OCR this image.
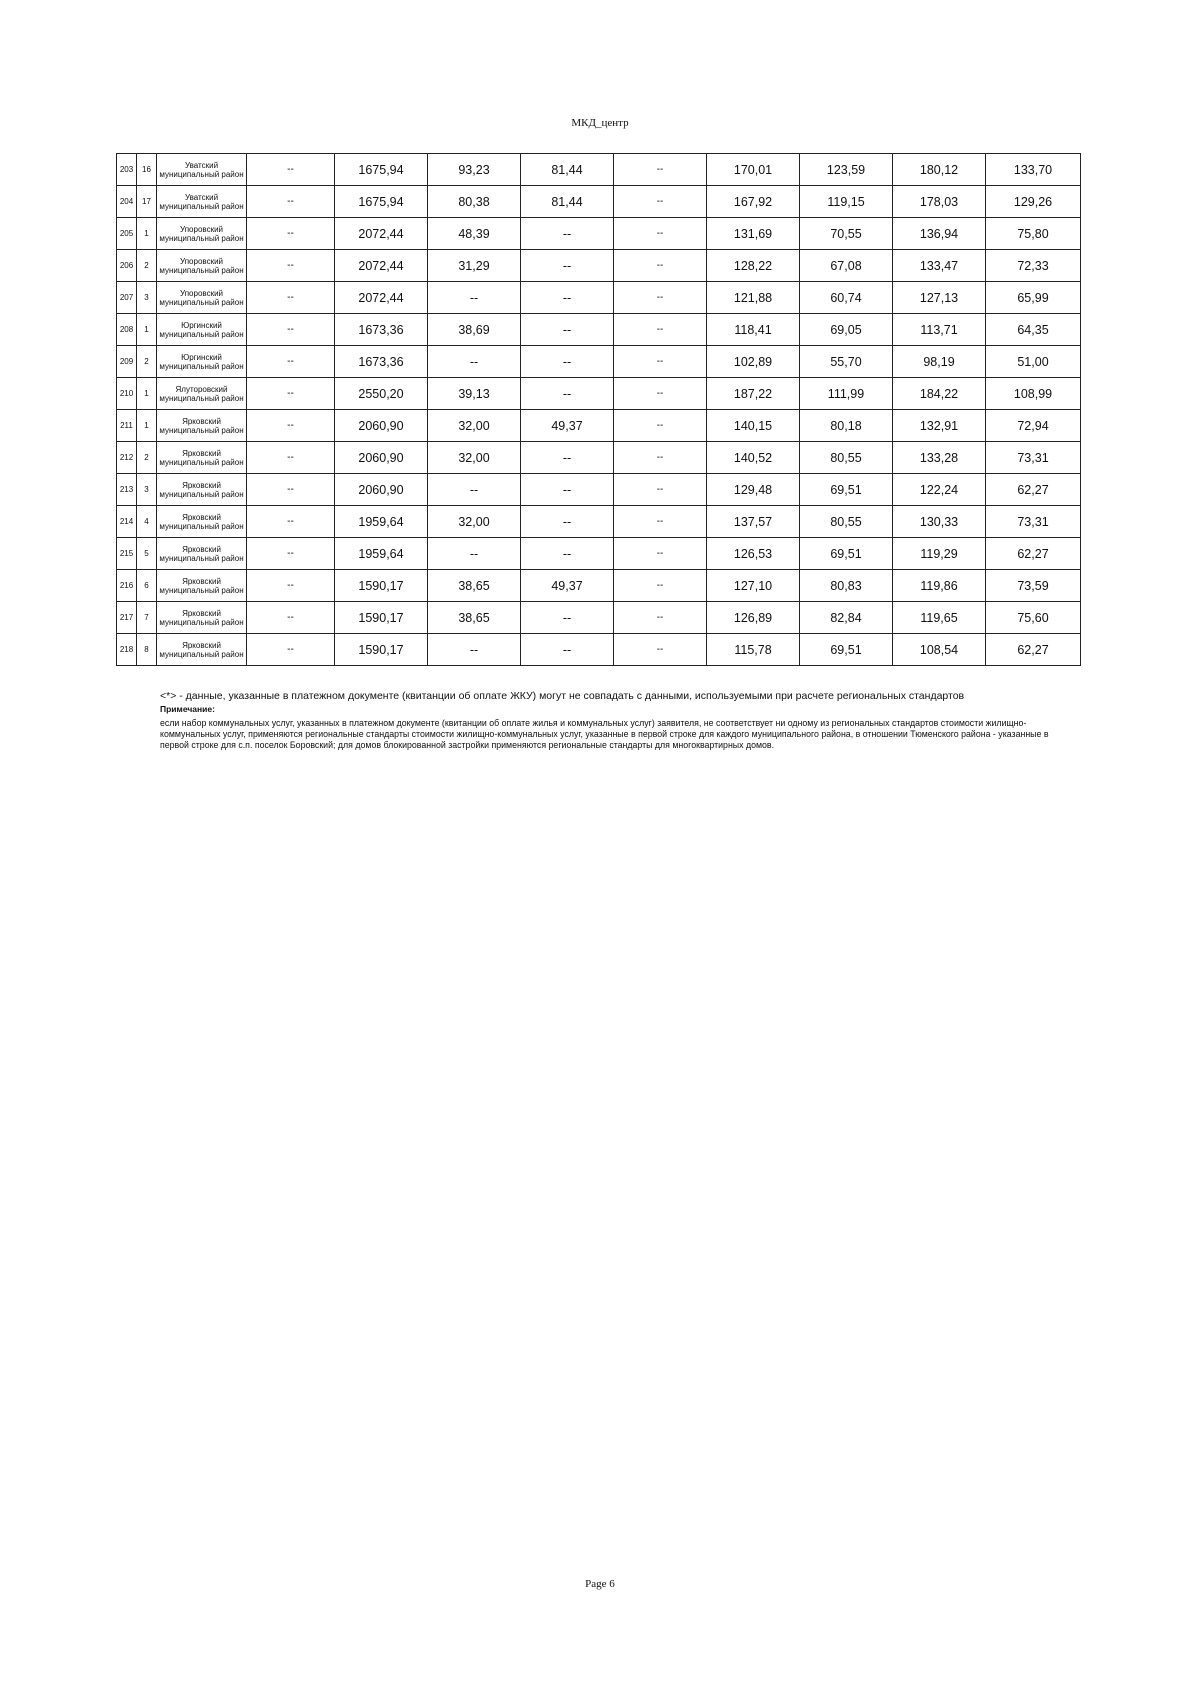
МКД_центр
203	16	Уватский муниципальный район	--	1675,94	93,23	81,44	--	170,01	123,59	180,12	133,70
204	17	Уватский муниципальный район	--	1675,94	80,38	81,44	--	167,92	119,15	178,03	129,26
205	1	Упоровский муниципальный район	--	2072,44	48,39	--	--	131,69	70,55	136,94	75,80
206	2	Упоровский муниципальный район	--	2072,44	31,29	--	--	128,22	67,08	133,47	72,33
207	3	Упоровский муниципальный район	--	2072,44	--	--	--	121,88	60,74	127,13	65,99
208	1	Юргинский муниципальный район	--	1673,36	38,69	--	--	118,41	69,05	113,71	64,35
209	2	Юргинский муниципальный район	--	1673,36	--	--	--	102,89	55,70	98,19	51,00
210	1	Ялуторовский муниципальный район	--	2550,20	39,13	--	--	187,22	111,99	184,22	108,99
211	1	Ярковский муниципальный район	--	2060,90	32,00	49,37	--	140,15	80,18	132,91	72,94
212	2	Ярковский муниципальный район	--	2060,90	32,00	--	--	140,52	80,55	133,28	73,31
213	3	Ярковский муниципальный район	--	2060,90	--	--	--	129,48	69,51	122,24	62,27
214	4	Ярковский муниципальный район	--	1959,64	32,00	--	--	137,57	80,55	130,33	73,31
215	5	Ярковский муниципальный район	--	1959,64	--	--	--	126,53	69,51	119,29	62,27
216	6	Ярковский муниципальный район	--	1590,17	38,65	49,37	--	127,10	80,83	119,86	73,59
217	7	Ярковский муниципальный район	--	1590,17	38,65	--	--	126,89	82,84	119,65	75,60
218	8	Ярковский муниципальный район	--	1590,17	--	--	--	115,78	69,51	108,54	62,27
<*> - данные, указанные в платежном документе (квитанции об оплате ЖКУ) могут не совпадать с данными, используемыми при расчете региональных стандартов
Примечание:
если набор коммунальных услуг, указанных в платежном документе (квитанции об оплате жилья и коммунальных услуг) заявителя, не соответствует ни одному из региональных стандартов стоимости жилищно-коммунальных услуг, применяются региональные стандарты стоимости жилищно-коммунальных услуг, указанные в первой строке для каждого муниципального района, в отношении Тюменского района - указанные в первой строке для с.п. поселок Боровский; для домов блокированной застройки применяются региональные стандарты для многоквартирных домов.
Page 6
